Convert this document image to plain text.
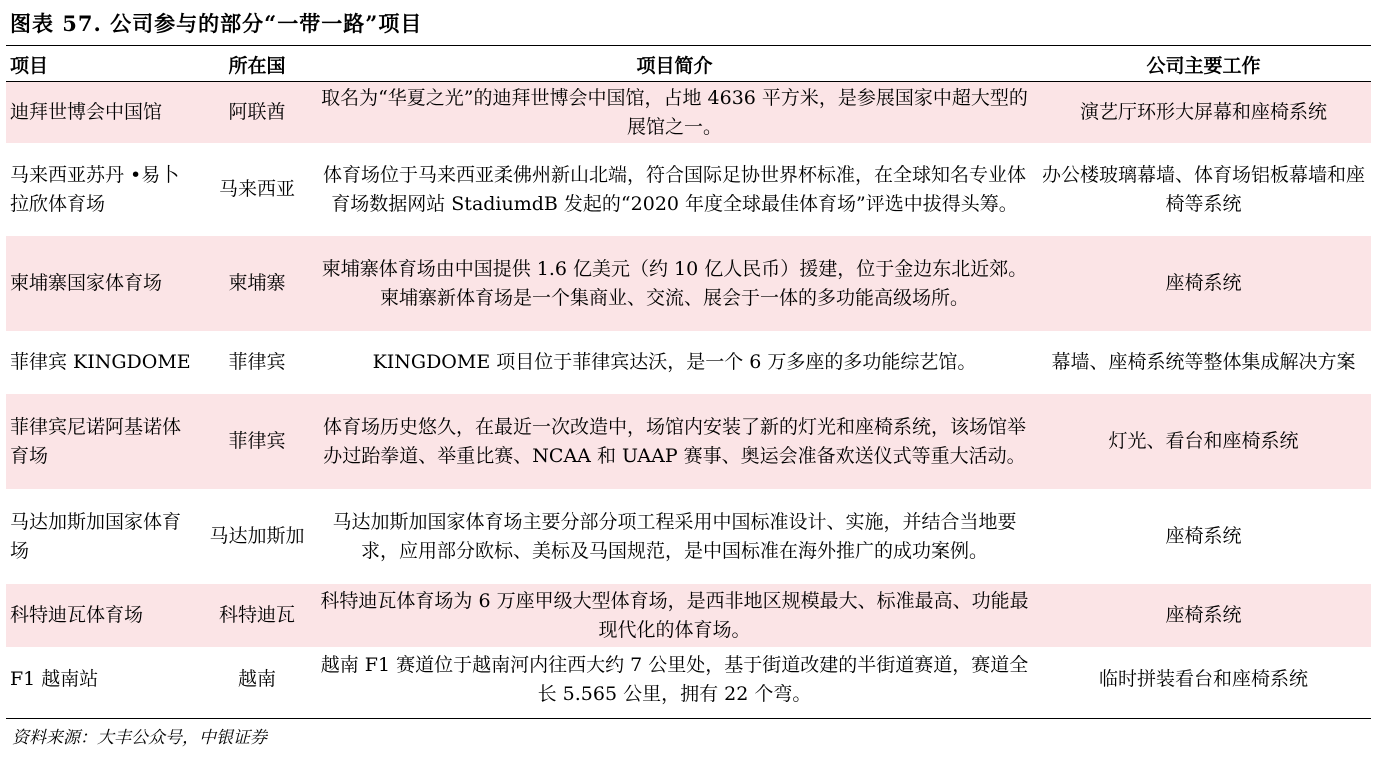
图表 57. 公司参与的部分“一带一路”项目
项目	所在国	项目简介	公司主要工作
迪拜世博会中国馆	阿联酋	取名为“华夏之光”的迪拜世博会中国馆，占地 4636 平方米，是参展国家中超大型的展馆之一。	演艺厅环形大屏幕和座椅系统
马来西亚苏丹 •易卜拉欣体育场	马来西亚	体育场位于马来西亚柔佛州新山北端，符合国际足协世界杯标准，在全球知名专业体育场数据网站 StadiumdB 发起的“2020 年度全球最佳体育场”评选中拔得头筹。	办公楼玻璃幕墙、体育场铝板幕墙和座椅等系统
柬埔寨国家体育场	柬埔寨	柬埔寨体育场由中国提供 1.6 亿美元（约 10 亿人民币）援建，位于金边东北近郊。柬埔寨新体育场是一个集商业、交流、展会于一体的多功能高级场所。	座椅系统
菲律宾 KINGDOME	菲律宾	KINGDOME 项目位于菲律宾达沃，是一个 6 万多座的多功能综艺馆。	幕墙、座椅系统等整体集成解决方案
菲律宾尼诺阿基诺体育场	菲律宾	体育场历史悠久，在最近一次改造中，场馆内安装了新的灯光和座椅系统，该场馆举办过跆拳道、举重比赛、NCAA 和 UAAP 赛事、奥运会准备欢送仪式等重大活动。	灯光、看台和座椅系统
马达加斯加国家体育场	马达加斯加	马达加斯加国家体育场主要分部分项工程采用中国标准设计、实施，并结合当地要求，应用部分欧标、美标及马国规范，是中国标准在海外推广的成功案例。	座椅系统
科特迪瓦体育场	科特迪瓦	科特迪瓦体育场为 6 万座甲级大型体育场，是西非地区规模最大、标准最高、功能最现代化的体育场。	座椅系统
F1 越南站	越南	越南 F1 赛道位于越南河内往西大约 7 公里处，基于街道改建的半街道赛道，赛道全长 5.565 公里，拥有 22 个弯。	临时拼装看台和座椅系统
资料来源：大丰公众号，中银证券
